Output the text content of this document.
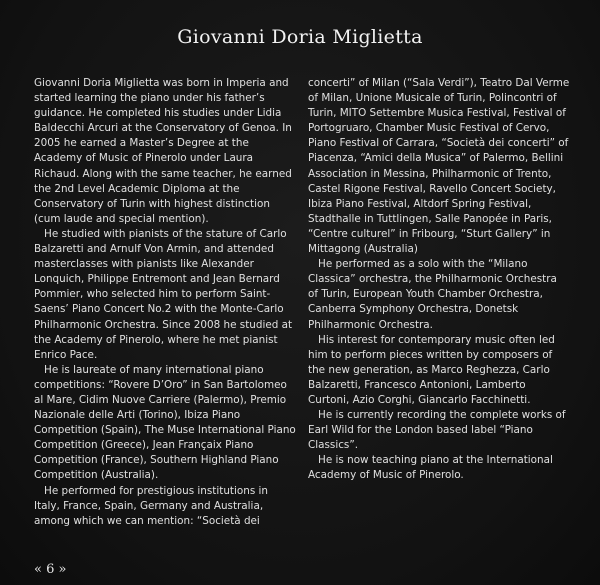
Giovanni Doria Miglietta

Giovanni Doria Miglietta was born in Imperia and started learning the piano under his father’s guidance. He completed his studies under Lidia Baldecchi Arcuri at the Conservatory of Genoa. In 2005 he earned a Master’s Degree at the Academy of Music of Pinerolo under Laura Richaud. Along with the same teacher, he earned the 2nd Level Academic Diploma at the Conservatory of Turin with highest distinction (cum laude and special mention).

He studied with pianists of the stature of Carlo Balzaretti and Arnulf Von Armin, and attended masterclasses with pianists like Alexander Lonquich, Philippe Entremont and Jean Bernard Pommier, who selected him to perform Saint-Saens’ Piano Concert No.2 with the Monte-Carlo Philharmonic Orchestra. Since 2008 he studied at the Academy of Pinerolo, where he met pianist Enrico Pace.

He is laureate of many international piano competitions: “Rovere D’Oro” in San Bartolomeo al Mare, Cidim Nuove Carriere (Palermo), Premio Nazionale delle Arti (Torino), Ibiza Piano Competition (Spain), The Muse International Piano Competition (Greece), Jean Françaix Piano Competition (France), Southern Highland Piano Competition (Australia).

He performed for prestigious institutions in Italy, France, Spain, Germany and Australia, among which we can mention: “Società dei

concerti” of Milan (“Sala Verdi”), Teatro Dal Verme of Milan, Unione Musicale of Turin, Polincontri of Turin, MITO Settembre Musica Festival, Festival of Portogruaro, Chamber Music Festival of Cervo, Piano Festival of Carrara, “Società dei concerti” of Piacenza, “Amici della Musica” of Palermo, Bellini Association in Messina, Philharmonic of Trento, Castel Rigone Festival, Ravello Concert Society, Ibiza Piano Festival, Altdorf Spring Festival, Stadthalle in Tuttlingen, Salle Panopée in Paris, “Centre culturel” in Fribourg, “Sturt Gallery” in Mittagong (Australia)

He performed as a solo with the “Milano Classica” orchestra, the Philharmonic Orchestra of Turin, European Youth Chamber Orchestra, Canberra Symphony Orchestra, Donetsk Philharmonic Orchestra.

His interest for contemporary music often led him to perform pieces written by composers of the new generation, as Marco Reghezza, Carlo Balzaretti, Francesco Antonioni, Lamberto Curtoni, Azio Corghi, Giancarlo Facchinetti.

He is currently recording the complete works of Earl Wild for the London based label “Piano Classics”.

He is now teaching piano at the International Academy of Music of Pinerolo.

« 6 »
